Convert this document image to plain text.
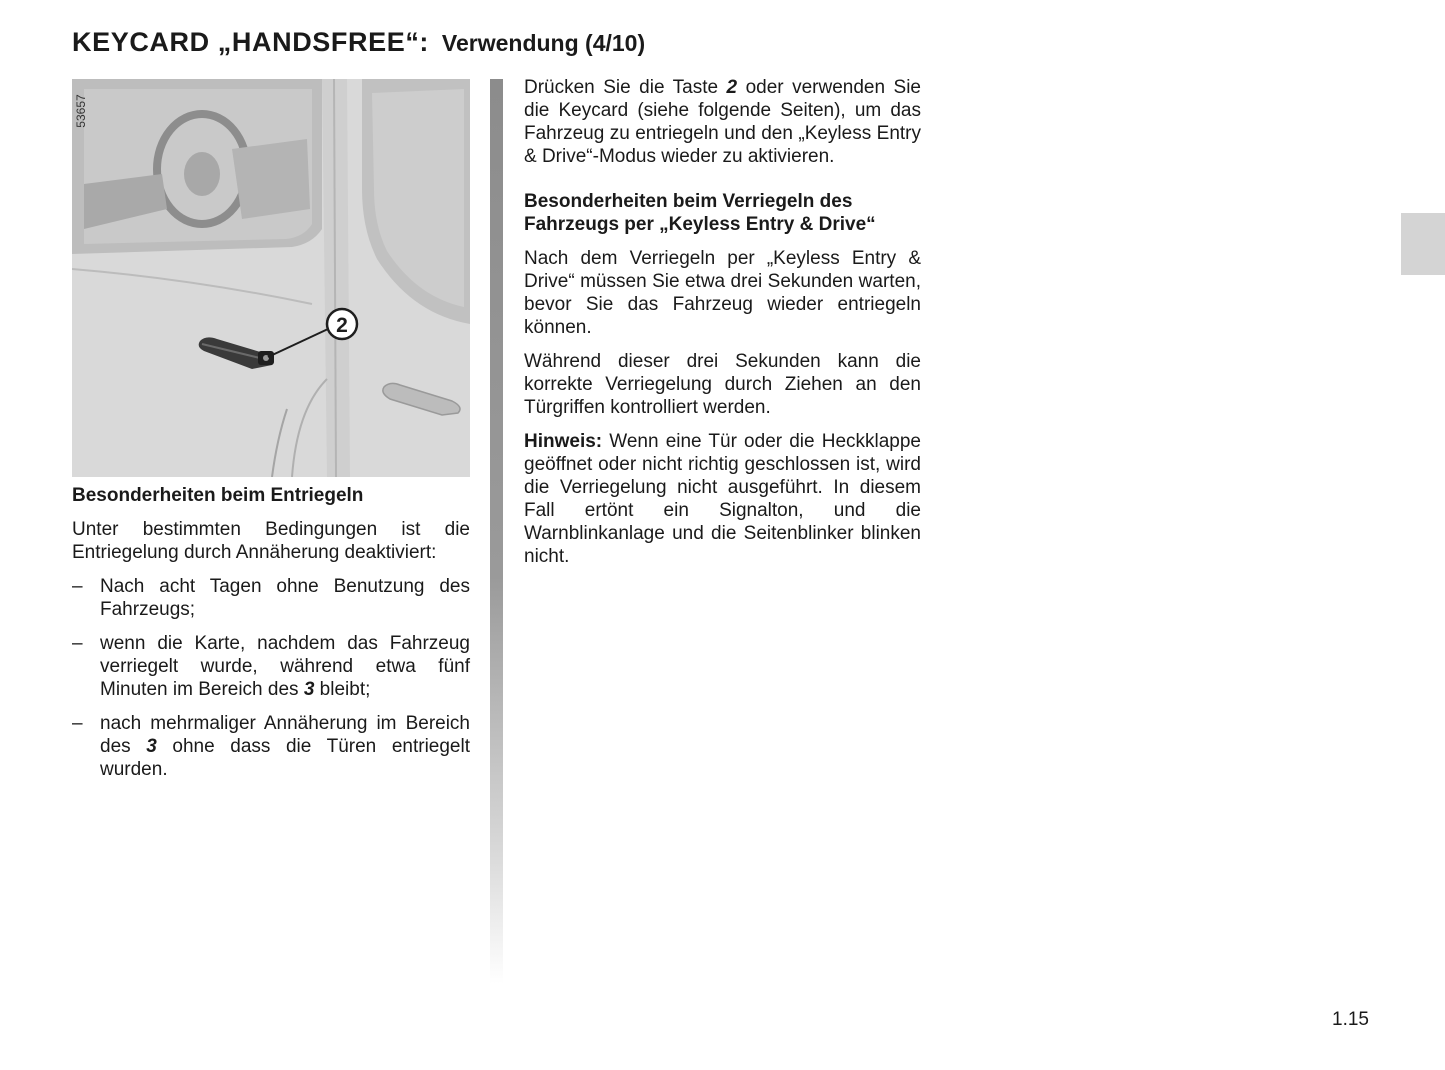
KEYCARD „HANDSFREE“: Verwendung (4/10)
2
53657

Besonderheiten beim Entriegeln

Unter bestimmten Bedingungen ist die Entriegelung durch Annäherung deaktiviert:

– Nach acht Tagen ohne Benutzung des Fahrzeugs;
– wenn die Karte, nachdem das Fahrzeug verriegelt wurde, während etwa fünf Minuten im Bereich des 3 bleibt;
– nach mehrmaliger Annäherung im Bereich des 3 ohne dass die Türen entriegelt wurden.

Drücken Sie die Taste 2 oder verwenden Sie die Keycard (siehe folgende Seiten), um das Fahrzeug zu entriegeln und den „Keyless Entry & Drive“-Modus wieder zu aktivieren.

Besonderheiten beim Verriegeln des Fahrzeugs per „Keyless Entry & Drive“

Nach dem Verriegeln per „Keyless Entry & Drive“ müssen Sie etwa drei Sekunden warten, bevor Sie das Fahrzeug wieder entriegeln können.

Während dieser drei Sekunden kann die korrekte Verriegelung durch Ziehen an den Türgriffen kontrolliert werden.

Hinweis: Wenn eine Tür oder die Heckklappe geöffnet oder nicht richtig geschlossen ist, wird die Verriegelung nicht ausgeführt. In diesem Fall ertönt ein Signalton, und die Warnblinkanlage und die Seitenblinker blinken nicht.

1.15
